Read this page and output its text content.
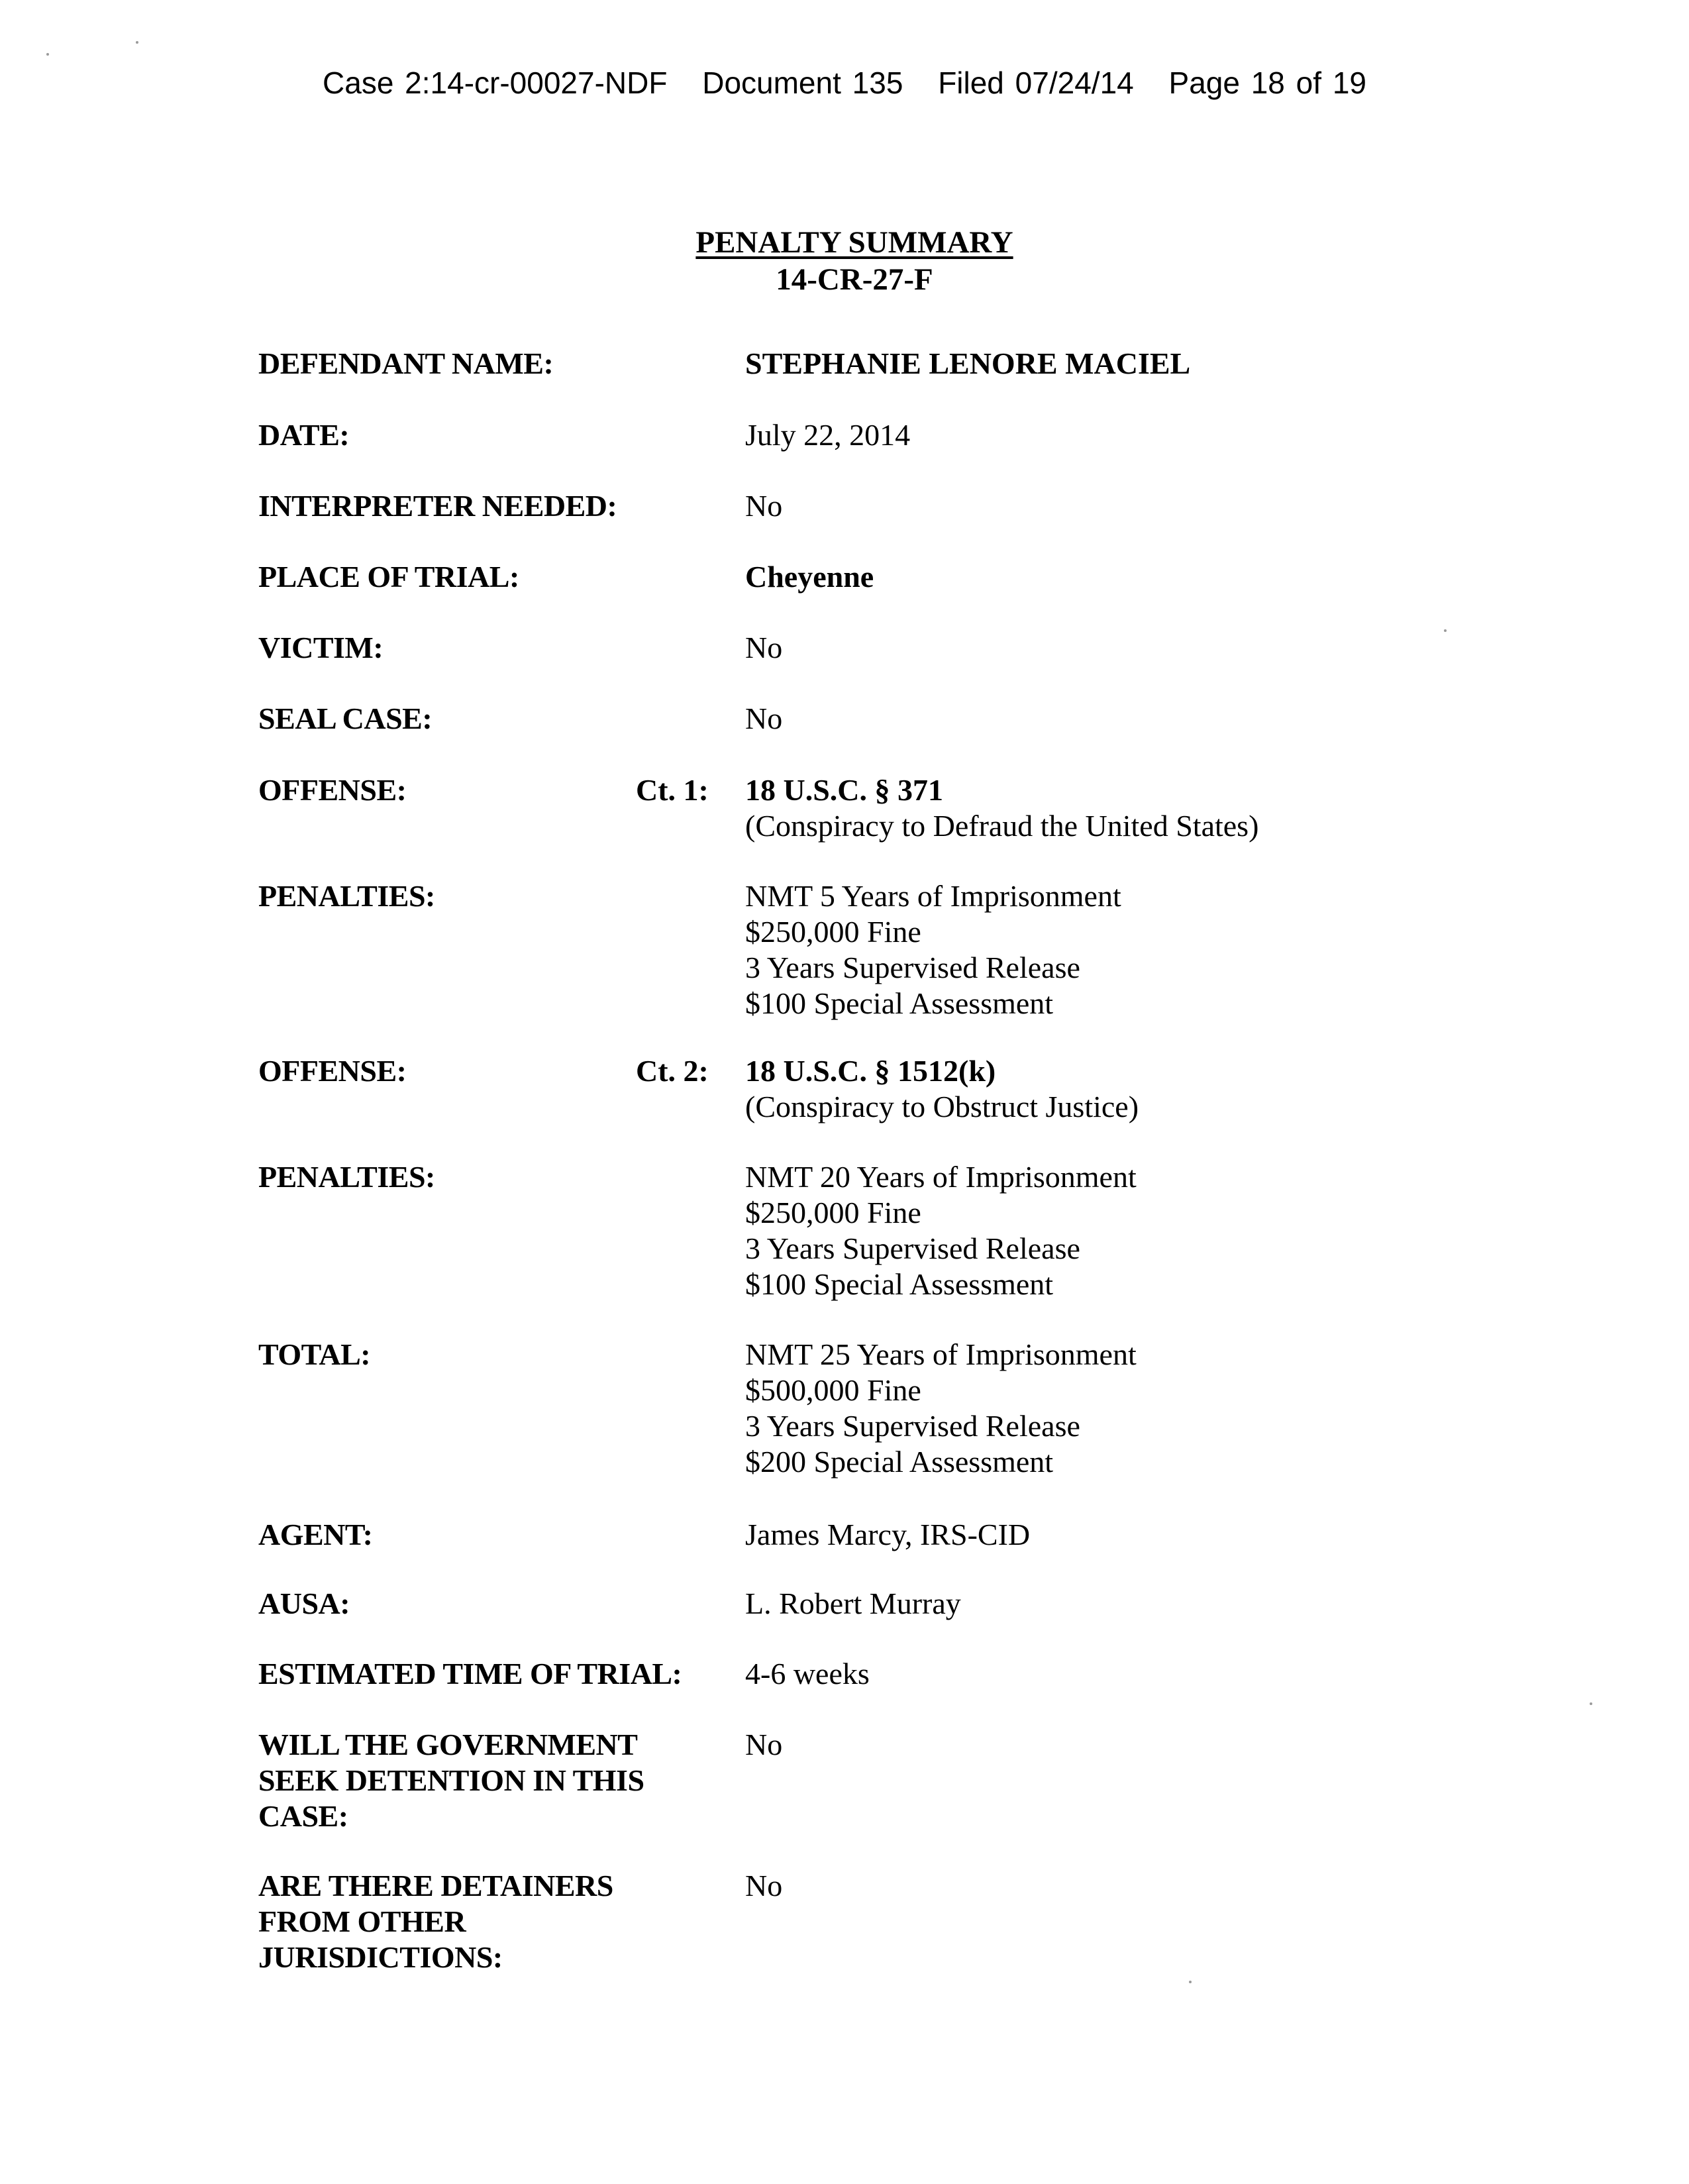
Case 2:14-cr-00027-NDF Document 135 Filed 07/24/14 Page 18 of 19
PENALTY SUMMARY
14-CR-27-F
DEFENDANT NAME:	STEPHANIE LENORE MACIEL
DATE:	July 22, 2014
INTERPRETER NEEDED:	No
PLACE OF TRIAL:	Cheyenne
VICTIM:	No
SEAL CASE:	No
OFFENSE:	Ct. 1: 18 U.S.C. § 371
(Conspiracy to Defraud the United States)
PENALTIES:	NMT 5 Years of Imprisonment
$250,000 Fine
3 Years Supervised Release
$100 Special Assessment
OFFENSE:	Ct. 2: 18 U.S.C. § 1512(k)
(Conspiracy to Obstruct Justice)
PENALTIES:	NMT 20 Years of Imprisonment
$250,000 Fine
3 Years Supervised Release
$100 Special Assessment
TOTAL:	NMT 25 Years of Imprisonment
$500,000 Fine
3 Years Supervised Release
$200 Special Assessment
AGENT:	James Marcy, IRS-CID
AUSA:	L. Robert Murray
ESTIMATED TIME OF TRIAL: 4-6 weeks
WILL THE GOVERNMENT SEEK DETENTION IN THIS CASE:
No
ARE THERE DETAINERS FROM OTHER JURISDICTIONS:
No
